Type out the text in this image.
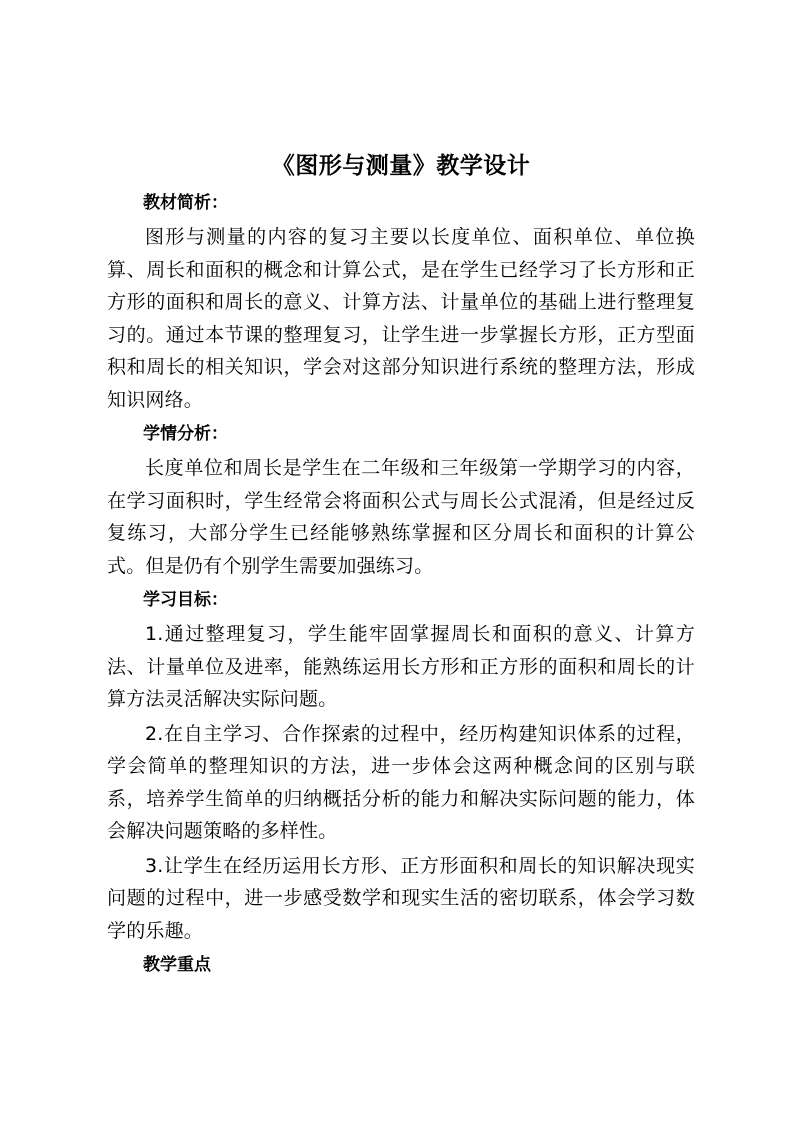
《图形与测量》教学设计
教材简析：

图形与测量的内容的复习主要以长度单位、面积单位、单位换算、周长和面积的概念和计算公式，是在学生已经学习了长方形和正方形的面积和周长的意义、计算方法、计量单位的基础上进行整理复习的。通过本节课的整理复习，让学生进一步掌握长方形，正方型面积和周长的相关知识，学会对这部分知识进行系统的整理方法，形成知识网络。

学情分析：

长度单位和周长是学生在二年级和三年级第一学期学习的内容，在学习面积时，学生经常会将面积公式与周长公式混淆，但是经过反复练习，大部分学生已经能够熟练掌握和区分周长和面积的计算公式。但是仍有个别学生需要加强练习。

学习目标：

1.通过整理复习，学生能牢固掌握周长和面积的意义、计算方法、计量单位及进率，能熟练运用长方形和正方形的面积和周长的计算方法灵活解决实际问题。

2.在自主学习、合作探索的过程中，经历构建知识体系的过程，学会简单的整理知识的方法，进一步体会这两种概念间的区别与联系，培养学生简单的归纳概括分析的能力和解决实际问题的能力，体会解决问题策略的多样性。

3.让学生在经历运用长方形、正方形面积和周长的知识解决现实问题的过程中，进一步感受数学和现实生活的密切联系，体会学习数学的乐趣。

教学重点
